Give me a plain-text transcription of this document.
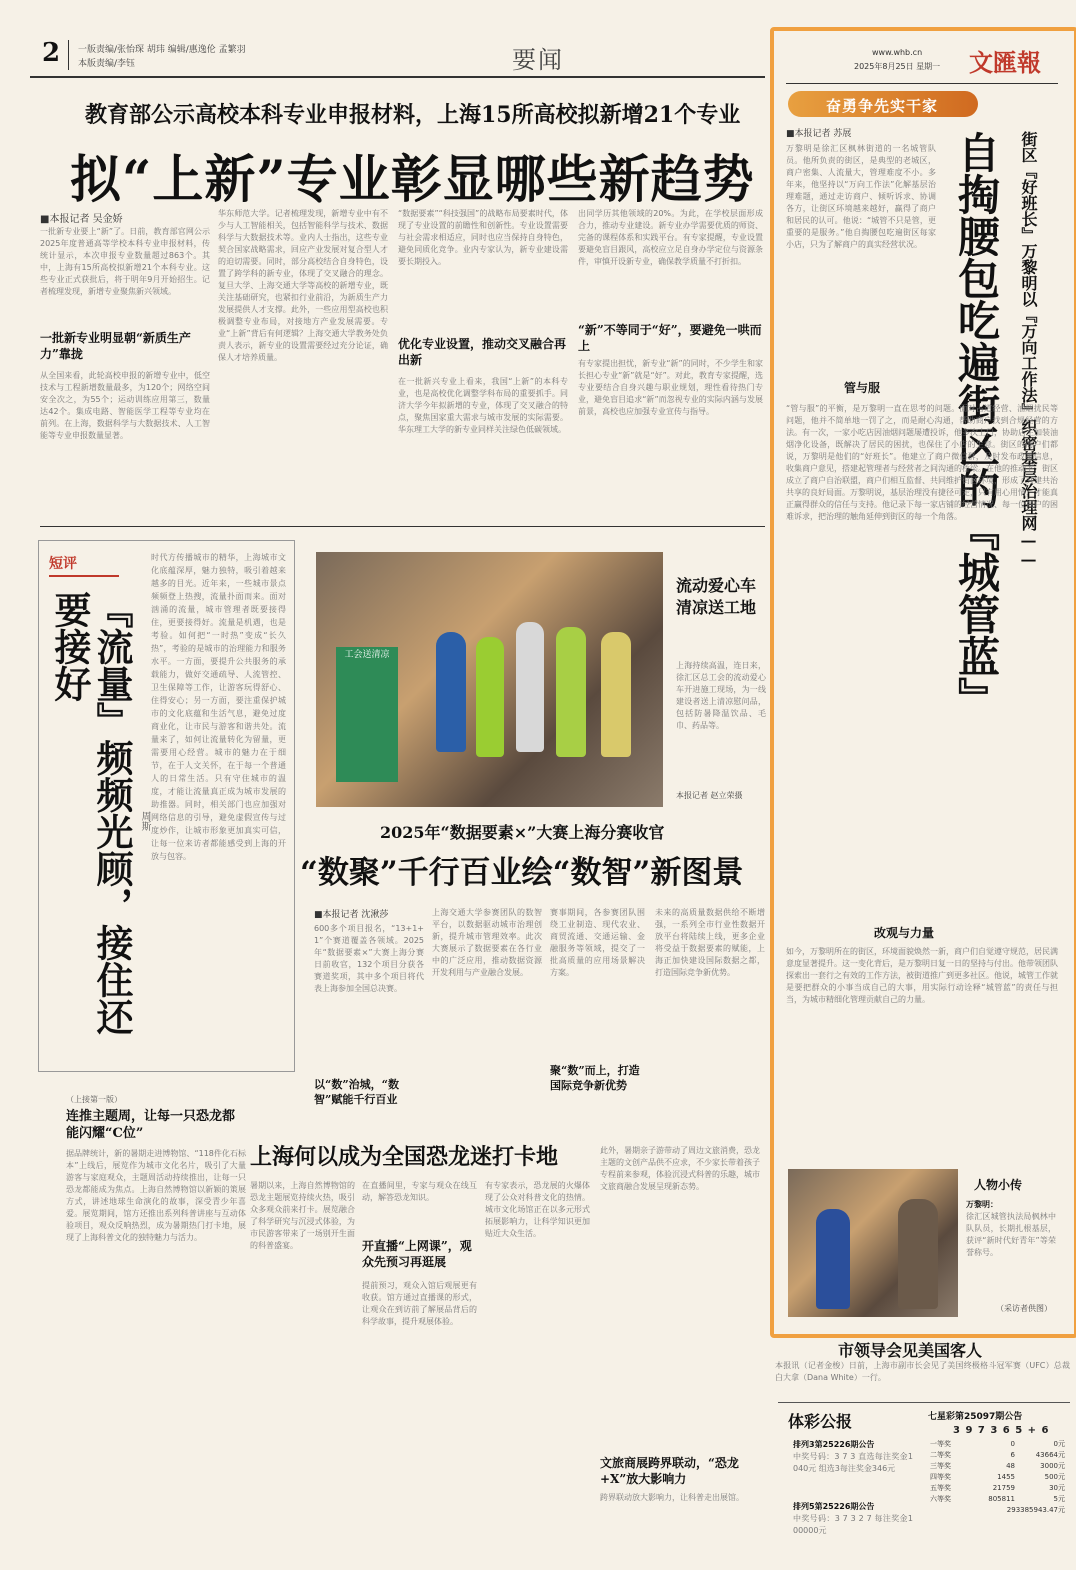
2 一版责编/张怡琛 胡玮 编辑/惠逸伦 孟繁羽
本版责编/李钰	要闻
教育部公示高校本科专业申报材料，上海15所高校拟新增21个专业
拟“上新”专业彰显哪些新趋势
■本报记者 吴金娇
一批新专业要上“新”了。日前，教育部官网公示2025年度普通高等学校本科专业申报材料，传统计显示，本次申报专业数量超过863个。其中，上海有15所高校拟新增21个本科专业。这些专业正式获批后，将于明年9月开始招生。记者梳理发现，新增专业聚焦新兴领域。
一批新专业明显朝“新质生产力”靠拢
从全国来看，此轮高校申报的新增专业中，低空技术与工程新增数量最多，为120个；网络空间安全次之，为55个；运动训练应用第三，数量达42个。集成电路、智能医学工程等专业均在前列。在上海，数据科学与大数据技术、人工智能等专业申报数量显著。
华东师范大学。记者梳理发现，新增专业中有不少与人工智能相关，包括智能科学与技术、数据科学与大数据技术等。业内人士指出，这些专业契合国家战略需求，回应产业发展对复合型人才的迫切需要。同时，部分高校结合自身特色，设置了跨学科的新专业，体现了交叉融合的理念。复旦大学、上海交通大学等高校的新增专业，既关注基础研究，也紧扣行业前沿，为新质生产力发展提供人才支撑。此外，一些应用型高校也积极调整专业布局，对接地方产业发展需要。专业“上新”背后有何逻辑？上海交通大学教务处负责人表示，新专业的设置需要经过充分论证，确保人才培养质量。
“数据要素”“科技强国”的战略布局要素时代，体现了专业设置的前瞻性和创新性。专业设置需要与社会需求相适应，同时也应当保持自身特色，避免同质化竞争。业内专家认为，新专业建设需要长期投入。
优化专业设置，推动交叉融合再出新
在一批新兴专业上看来，我国“上新”的本科专业，也是高校优化调整学科布局的重要抓手。同济大学今年拟新增的专业，体现了交叉融合的特点，聚焦国家重大需求与城市发展的实际需要。华东理工大学的新专业同样关注绿色低碳领域。
出同学历其他领域的20%。为此，在学校层面形成合力，推动专业建设。新专业办学需要优质的师资、完备的课程体系和实践平台。有专家提醒，专业设置要避免盲目跟风，高校应立足自身办学定位与资源条件，审慎开设新专业，确保教学质量不打折扣。
“新”不等同于“好”，要避免一哄而上
有专家提出担忧，新专业“新”的同时，不少学生和家长担心专业“新”就是“好”。对此，教育专家提醒，选专业要结合自身兴趣与职业规划，理性看待热门专业，避免盲目追求“新”而忽视专业的实际内涵与发展前景，高校也应加强专业宣传与指导。
短评
『流量』频频光顾，接住还要接好
周斯
时代方传播城市的精华，上海城市文化底蕴深厚，魅力独特，吸引着越来越多的目光。近年来，一些城市景点频频登上热搜，流量扑面而来。面对汹涌的流量，城市管理者既要接得住，更要接得好。流量是机遇，也是考验。如何把“一时热”变成“长久热”，考验的是城市的治理能力和服务水平。一方面，要提升公共服务的承载能力，做好交通疏导、人流管控、卫生保障等工作，让游客玩得舒心、住得安心；另一方面，要注重保护城市的文化底蕴和生活气息，避免过度商业化，让市民与游客和谐共处。流量来了，如何让流量转化为留量，更需要用心经营。城市的魅力在于细节，在于人文关怀，在于每一个普通人的日常生活。只有守住城市的温度，才能让流量真正成为城市发展的助推器。同时，相关部门也应加强对网络信息的引导，避免虚假宣传与过度炒作，让城市形象更加真实可信，让每一位来访者都能感受到上海的开放与包容。
工会送清凉
流动爱心车清凉送工地
上海持续高温，连日来，徐汇区总工会的流动爱心车开进施工现场，为一线建设者送上清凉慰问品，包括防暑降温饮品、毛巾、药品等。
本报记者 赵立荣摄
2025年“数据要素×”大赛上海分赛收官
“数聚”千行百业绘“数智”新图景
■本报记者 沈湫莎
600多个项目报名，“13+1+1”个赛道覆盖各领域。2025年“数据要素×”大赛上海分赛日前收官，132个项目分获各赛道奖项，其中多个项目将代表上海参加全国总决赛。
以“数”治城，“数智”赋能千行百业
上海交通大学参赛团队的数智平台，以数据驱动城市治理创新，提升城市管理效率。此次大赛展示了数据要素在各行业中的广泛应用，推动数据资源开发利用与产业融合发展。
赛事期间，各参赛团队围绕工业制造、现代农业、商贸流通、交通运输、金融服务等领域，提交了一批高质量的应用场景解决方案。
聚“数”而上，打造国际竞争新优势
未来的高质量数据供给不断增强，一系列全市行业性数据开放平台将陆续上线，更多企业将受益于数据要素的赋能，上海正加快建设国际数据之都，打造国际竞争新优势。
（上接第一版）
连推主题周，让每一只恐龙都能闪耀“C位”
据品牌统计，新的暑期走进博物馆、“118件化石标本”上线后，展览作为城市文化名片，吸引了大量游客与家庭观众，主题周活动持续推出，让每一只恐龙都能成为焦点。上海自然博物馆以新颖的策展方式，讲述地球生命演化的故事，深受青少年喜爱。展览期间，馆方还推出系列科普讲座与互动体验项目，观众反响热烈，成为暑期热门打卡地，展现了上海科普文化的独特魅力与活力。
上海何以成为全国恐龙迷打卡地
暑期以来，上海自然博物馆的恐龙主题展览持续火热，吸引众多观众前来打卡。展览融合了科学研究与沉浸式体验，为市民游客带来了一场别开生面的科普盛宴。
在直播间里，专家与观众在线互动，解答恐龙知识。
开直播“上网课”，观众先预习再逛展
提前预习，观众入馆后观展更有收获。馆方通过直播课的形式，让观众在到访前了解展品背后的科学故事，提升观展体验。
有专家表示，恐龙展的火爆体现了公众对科普文化的热情。城市文化场馆正在以多元形式拓展影响力，让科学知识更加贴近大众生活。
此外，暑期亲子游带动了周边文旅消费，恐龙主题的文创产品供不应求，不少家长带着孩子专程前来参观，体验沉浸式科普的乐趣，城市文旅商融合发展呈现新态势。
文旅商展跨界联动，“恐龙+X”放大影响力
跨界联动放大影响力，让科普走出展馆。
www.whb.cn
2025年8月25日 星期一 文匯報
奋勇争先实干家
■本报记者 苏展 自掏腰包吃遍街区的『城管蓝』	街区『好班长』万黎明以『万向工作法』织密基层治理网——
万黎明是徐汇区枫林街道的一名城管队员。他所负责的街区，是典型的老城区，商户密集、人流量大，管理难度不小。多年来，他坚持以“万向工作法”化解基层治理难题，通过走访商户、倾听诉求、协调各方，让街区环境越来越好，赢得了商户和居民的认可。他说：“城管不只是管，更重要的是服务。”他自掏腰包吃遍街区每家小店，只为了解商户的真实经营状况。
管与服
“管与服”的平衡，是万黎明一直在思考的问题。面对占道经营、油烟扰民等问题，他并不简单地一罚了之，而是耐心沟通，帮助商户找到合规经营的方法。有一次，一家小吃店因油烟问题屡遭投诉，他多次上门，协助店主加装油烟净化设备，既解决了居民的困扰，也保住了小店的生意。街区的商户们都说，万黎明是他们的“好班长”。他建立了商户微信群，及时发布政策信息，收集商户意见，搭建起管理者与经营者之间沟通的桥梁。在他的推动下，街区成立了商户自治联盟，商户们相互监督、共同维护街区环境，形成了共建共治共享的良好局面。万黎明说，基层治理没有捷径可走，只有用心用情，才能真正赢得群众的信任与支持。他记录下每一家店铺的经营情况、每一位商户的困难诉求，把治理的触角延伸到街区的每一个角落。
改观与力量
如今，万黎明所在的街区，环境面貌焕然一新，商户们自觉遵守规范，居民满意度显著提升。这一变化背后，是万黎明日复一日的坚持与付出。他带领团队探索出一套行之有效的工作方法，被街道推广到更多社区。他说，城管工作就是要把群众的小事当成自己的大事，用实际行动诠释“城管蓝”的责任与担当，为城市精细化管理贡献自己的力量。
人物小传
万黎明：
徐汇区城管执法局枫林中队队员，长期扎根基层，获评“新时代好青年”等荣誉称号。
（采访者供图）
市领导会见美国客人
本报讯（记者金梭）日前，上海市副市长会见了美国终极格斗冠军赛（UFC）总裁白大拿（Dana White）一行。
体彩公报	七星彩第25097期公告
3 9 7 3 6 5 + 6
排列3第25226期公告
中奖号码：3 7 3 直选每注奖金1040元 组选3每注奖金346元
排列5第25226期公告
中奖号码：3 7 3 2 7 每注奖金100000元
一等奖	0	0元
二等奖	6	43664元
三等奖	48	3000元
四等奖	1455	500元
五等奖	21759	30元
六等奖	805811	5元
293385943.47元
